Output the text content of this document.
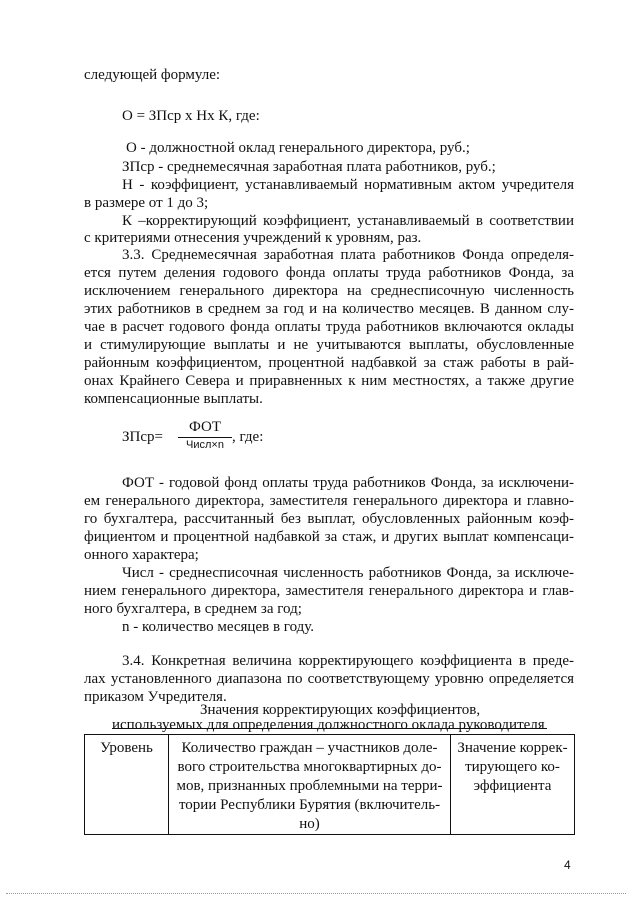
следующей формуле:
О = ЗПср х Нх К, где:
О - должностной оклад генерального директора, руб.;
ЗПср - среднемесячная заработная плата работников, руб.;
Н - коэффициент, устанавливаемый нормативным актом учредителя
в размере от 1 до 3;
К –корректирующий коэффициент, устанавливаемый в соответствии
с критериями отнесения учреждений к уровням, раз.
3.3. Среднемесячная заработная плата работников Фонда определя-
ется путем деления годового фонда оплаты труда работников Фонда, за
исключением генерального директора на среднесписочную численность
этих работников в среднем за год и на количество месяцев. В данном слу-
чае в расчет годового фонда оплаты труда работников включаются оклады
и стимулирующие выплаты и не учитываются выплаты, обусловленные
районным коэффициентом, процентной надбавкой за стаж работы в рай-
онах Крайнего Севера и приравненных к ним местностях, а также другие
компенсационные выплаты.
ЗПср=
ФОТ
Числ×n , где:
ФОТ - годовой фонд оплаты труда работников Фонда, за исключени-
ем генерального директора, заместителя генерального директора и главно-
го бухгалтера, рассчитанный без выплат, обусловленных районным коэф-
фициентом и процентной надбавкой за стаж, и других выплат компенсаци-
онного характера;
Числ - среднесписочная численность работников Фонда, за исключе-
нием генерального директора, заместителя генерального директора и глав-
ного бухгалтера, в среднем за год;
n - количество месяцев в году.
3.4. Конкретная величина корректирующего коэффициента в преде-
лах установленного диапазона по соответствующему уровню определяется
приказом Учредителя.
Значения корректирующих коэффициентов,
используемых для определения должностного оклада руководителя
Уровень	Количество граждан – участников доле-
вого строительства многоквартирных до-
мов, признанных проблемными на терри-
тории Республики Бурятия (включитель-
но)	Значение коррек-
тирующего ко-
эффициента
4
